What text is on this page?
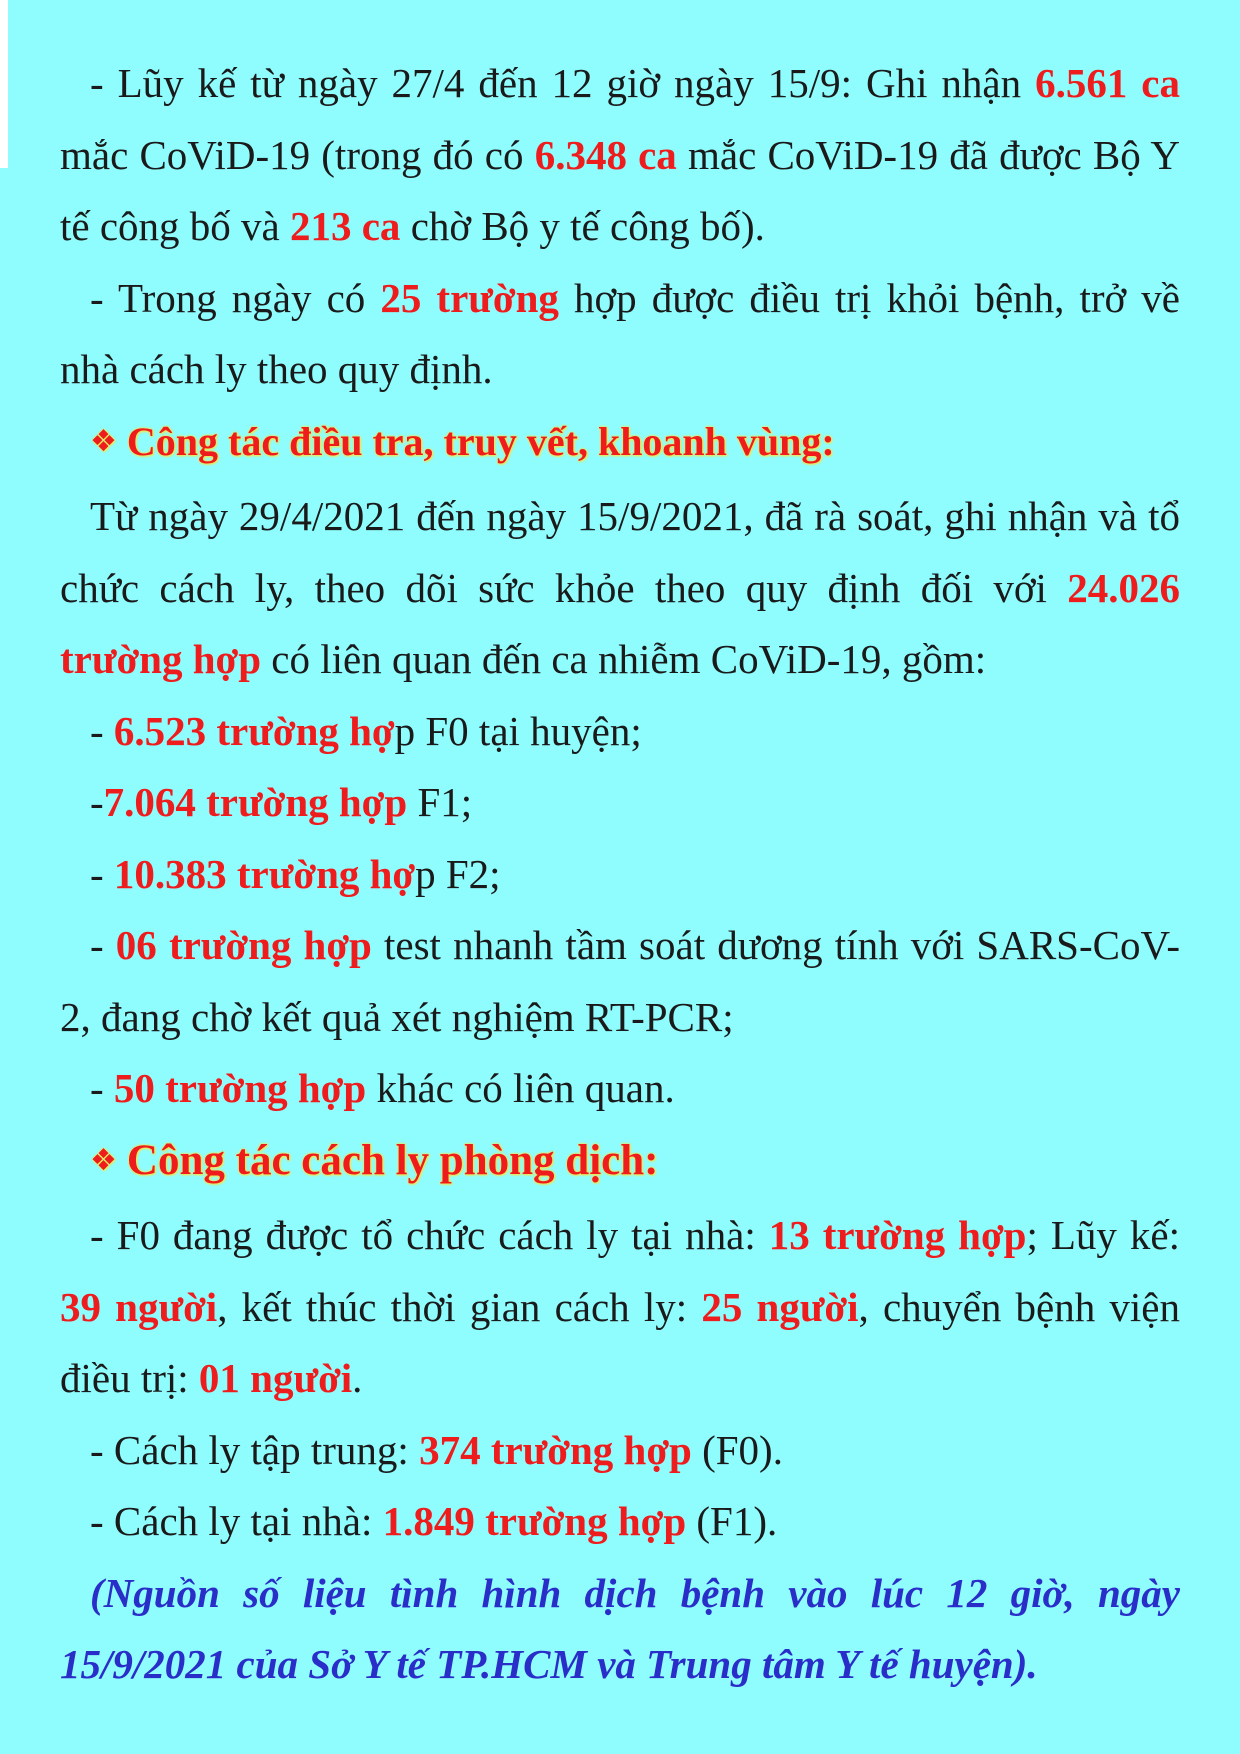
- Lũy kế từ ngày 27/4 đến 12 giờ ngày 15/9: Ghi nhận 6.561 ca mắc CoViD-19 (trong đó có 6.348 ca mắc CoViD-19 đã được Bộ Y tế công bố và 213 ca chờ Bộ y tế công bố).

- Trong ngày có 25 trường hợp được điều trị khỏi bệnh, trở về nhà cách ly theo quy định.

❖ Công tác điều tra, truy vết, khoanh vùng:

Từ ngày 29/4/2021 đến ngày 15/9/2021, đã rà soát, ghi nhận và tổ chức cách ly, theo dõi sức khỏe theo quy định đối với 24.026 trường hợp có liên quan đến ca nhiễm CoViD-19, gồm:

- 6.523 trường hợp F0 tại huyện;

-7.064 trường hợp F1;

- 10.383 trường hợp F2;

- 06 trường hợp test nhanh tầm soát dương tính với SARS-CoV-2, đang chờ kết quả xét nghiệm RT-PCR;

- 50 trường hợp khác có liên quan.

❖ Công tác cách ly phòng dịch:

- F0 đang được tổ chức cách ly tại nhà: 13 trường hợp; Lũy kế: 39 người, kết thúc thời gian cách ly: 25 người, chuyển bệnh viện điều trị: 01 người.

- Cách ly tập trung: 374 trường hợp (F0).

- Cách ly tại nhà: 1.849 trường hợp (F1).

(Nguồn số liệu tình hình dịch bệnh vào lúc 12 giờ, ngày 15/9/2021 của Sở Y tế TP.HCM và Trung tâm Y tế huyện).
